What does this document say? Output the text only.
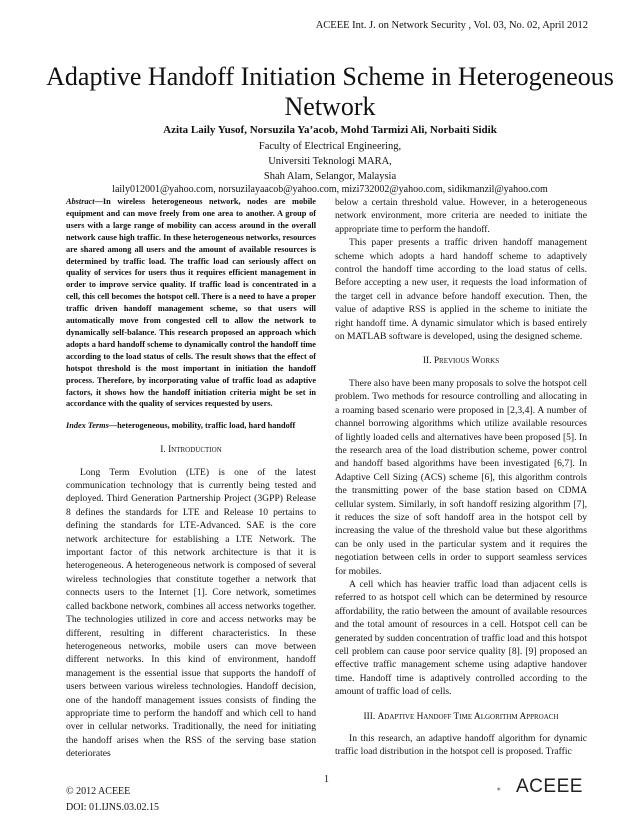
ACEEE Int. J. on Network Security , Vol. 03, No. 02, April 2012
Adaptive Handoff Initiation Scheme in Heterogeneous
Network
Azita Laily Yusof, Norsuzila Ya’acob, Mohd Tarmizi Ali, Norbaiti Sidik
Faculty of Electrical Engineering,
Universiti Teknologi MARA,
Shah Alam, Selangor, Malaysia
laily012001@yahoo.com, norsuzilayaacob@yahoo.com, mizi732002@yahoo.com, sidikmanzil@yahoo.com
Abstract—In wireless heterogeneous network, nodes are mobile equipment and can move freely from one area to another. A group of users with a large range of mobility can access around in the overall network cause high traffic. In these heterogeneous networks, resources are shared among all users and the amount of available resources is determined by traffic load. The traffic load can seriously affect on quality of services for users thus it requires efficient management in order to improve service quality. If traffic load is concentrated in a cell, this cell becomes the hotspot cell. There is a need to have a proper traffic driven handoff management scheme, so that users will automatically move from congested cell to allow the network to dynamically self-balance. This research proposed an approach which adopts a hard handoff scheme to dynamically control the handoff time according to the load status of cells. The result shows that the effect of hotspot threshold is the most important in initiation the handoff process. Therefore, by incorporating value of traffic load as adaptive factors, it shows how the handoff initiation criteria might be set in accordance with the quality of services requested by users.
Index Terms—heterogeneous, mobility, traffic load, hard handoff
I. Introduction

Long Term Evolution (LTE) is one of the latest communication technology that is currently being tested and deployed. Third Generation Partnership Project (3GPP) Release 8 defines the standards for LTE and Release 10 pertains to defining the standards for LTE-Advanced. SAE is the core network architecture for establishing a LTE Network. The important factor of this network architecture is that it is heterogeneous. A heterogeneous network is composed of several wireless technologies that constitute together a network that connects users to the Internet [1]. Core network, sometimes called backbone network, combines all access networks together. The technologies utilized in core and access networks may be different, resulting in different characteristics. In these heterogeneous networks, mobile users can move between different networks. In this kind of environment, handoff management is the essential issue that supports the handoff of users between various wireless technologies. Handoff decision, one of the handoff management issues consists of finding the appropriate time to perform the handoff and which cell to hand over in cellular networks. Traditionally, the need for initiating the handoff arises when the RSS of the serving base station deteriorates

below a certain threshold value. However, in a heterogeneous network environment, more criteria are needed to initiate the appropriate time to perform the handoff.

This paper presents a traffic driven handoff management scheme which adopts a hard handoff scheme to adaptively control the handoff time according to the load status of cells. Before accepting a new user, it requests the load information of the target cell in advance before handoff execution. Then, the value of adaptive RSS is applied in the scheme to initiate the right handoff time. A dynamic simulator which is based entirely on MATLAB software is developed, using the designed scheme.

II. Previous Works

There also have been many proposals to solve the hotspot cell problem. Two methods for resource controlling and allocating in a roaming based scenario were proposed in [2,3,4]. A number of channel borrowing algorithms which utilize available resources of lightly loaded cells and alternatives have been proposed [5]. In the research area of the load distribution scheme, power control and handoff based algorithms have been investigated [6,7]. In Adaptive Cell Sizing (ACS) scheme [6], this algorithm controls the transmitting power of the base station based on CDMA cellular system. Similarly, in soft handoff resizing algorithm [7], it reduces the size of soft handoff area in the hotspot cell by increasing the value of the threshold value but these algorithms can be only used in the particular system and it requires the negotiation between cells in order to support seamless services for mobiles.

A cell which has heavier traffic load than adjacent cells is referred to as hotspot cell which can be determined by resource affordability, the ratio between the amount of available resources and the total amount of resources in a cell. Hotspot cell can be generated by sudden concentration of traffic load and this hotspot cell problem can cause poor service quality [8]. [9] proposed an effective traffic management scheme using adaptive handover time. Handoff time is adaptively controlled according to the amount of traffic load of cells.

III. Adaptive Handoff Time Algorithm Approach

In this research, an adaptive handoff algorithm for dynamic traffic load distribution in the hotspot cell is proposed. Traffic

© 2012 ACEEE
DOI: 01.IJNS.03.02.15
1	ACEEE
